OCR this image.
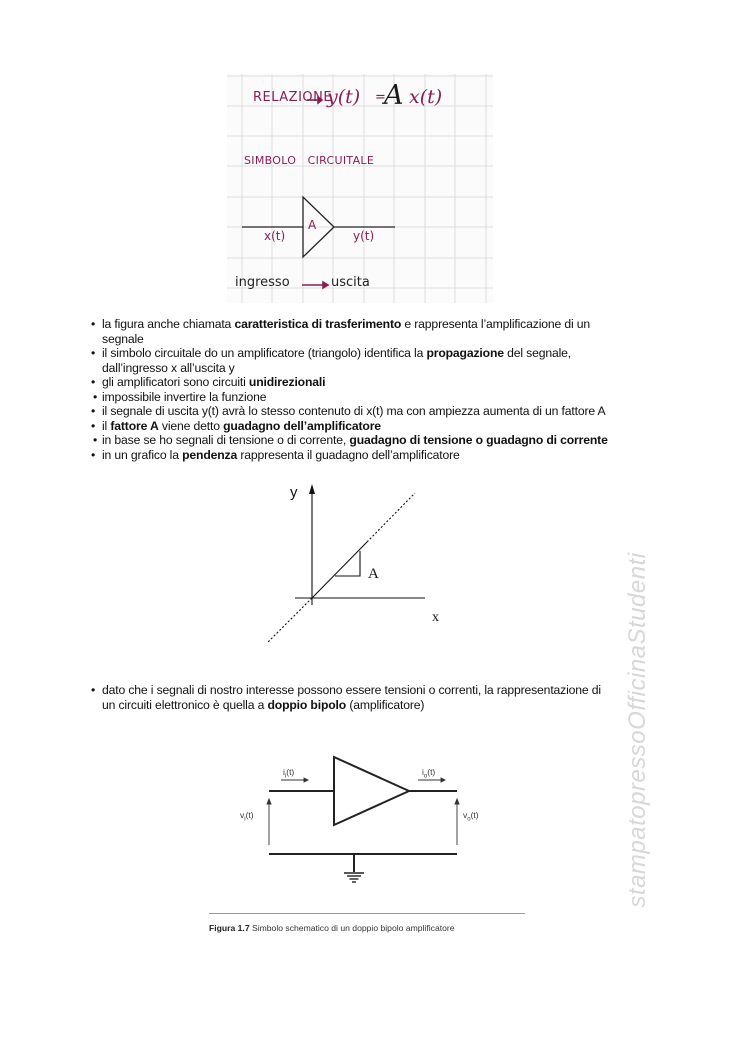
RELAZIONE
y(t) =
A x(t)
SIMBOLO   CIRCUITALE
A
x(t)	y(t)
ingresso	uscita
• la figura anche chiamata caratteristica di trasferimento e rappresenta l’amplificazione di un
segnale
• il simbolo circuitale do un amplificatore (triangolo) identifica la propagazione del segnale,
dall’ingresso x all’uscita y
• gli amplificatori sono circuiti unidirezionali
• impossibile invertire la funzione
• il segnale di uscita y(t) avrà lo stesso contenuto di x(t) ma con ampiezza aumenta di un fattore A
• il fattore A viene detto guadagno dell’amplificatore
• in base se ho segnali di tensione o di corrente, guadagno di tensione o guadagno di corrente
• in un grafico la pendenza rappresenta il guadagno dell’amplificatore
y
x
A
• dato che i segnali di nostro interesse possono essere tensioni o correnti, la rappresentazione di
un circuiti elettronico è quella a doppio bipolo (amplificatore)
$i_i(t)$	$i_o(t)$
$v_i(t)$	$v_o(t)$
Figura 1.7 Simbolo schematico di un doppio bipolo amplificatore
stampatopressoOfficinaStudenti
